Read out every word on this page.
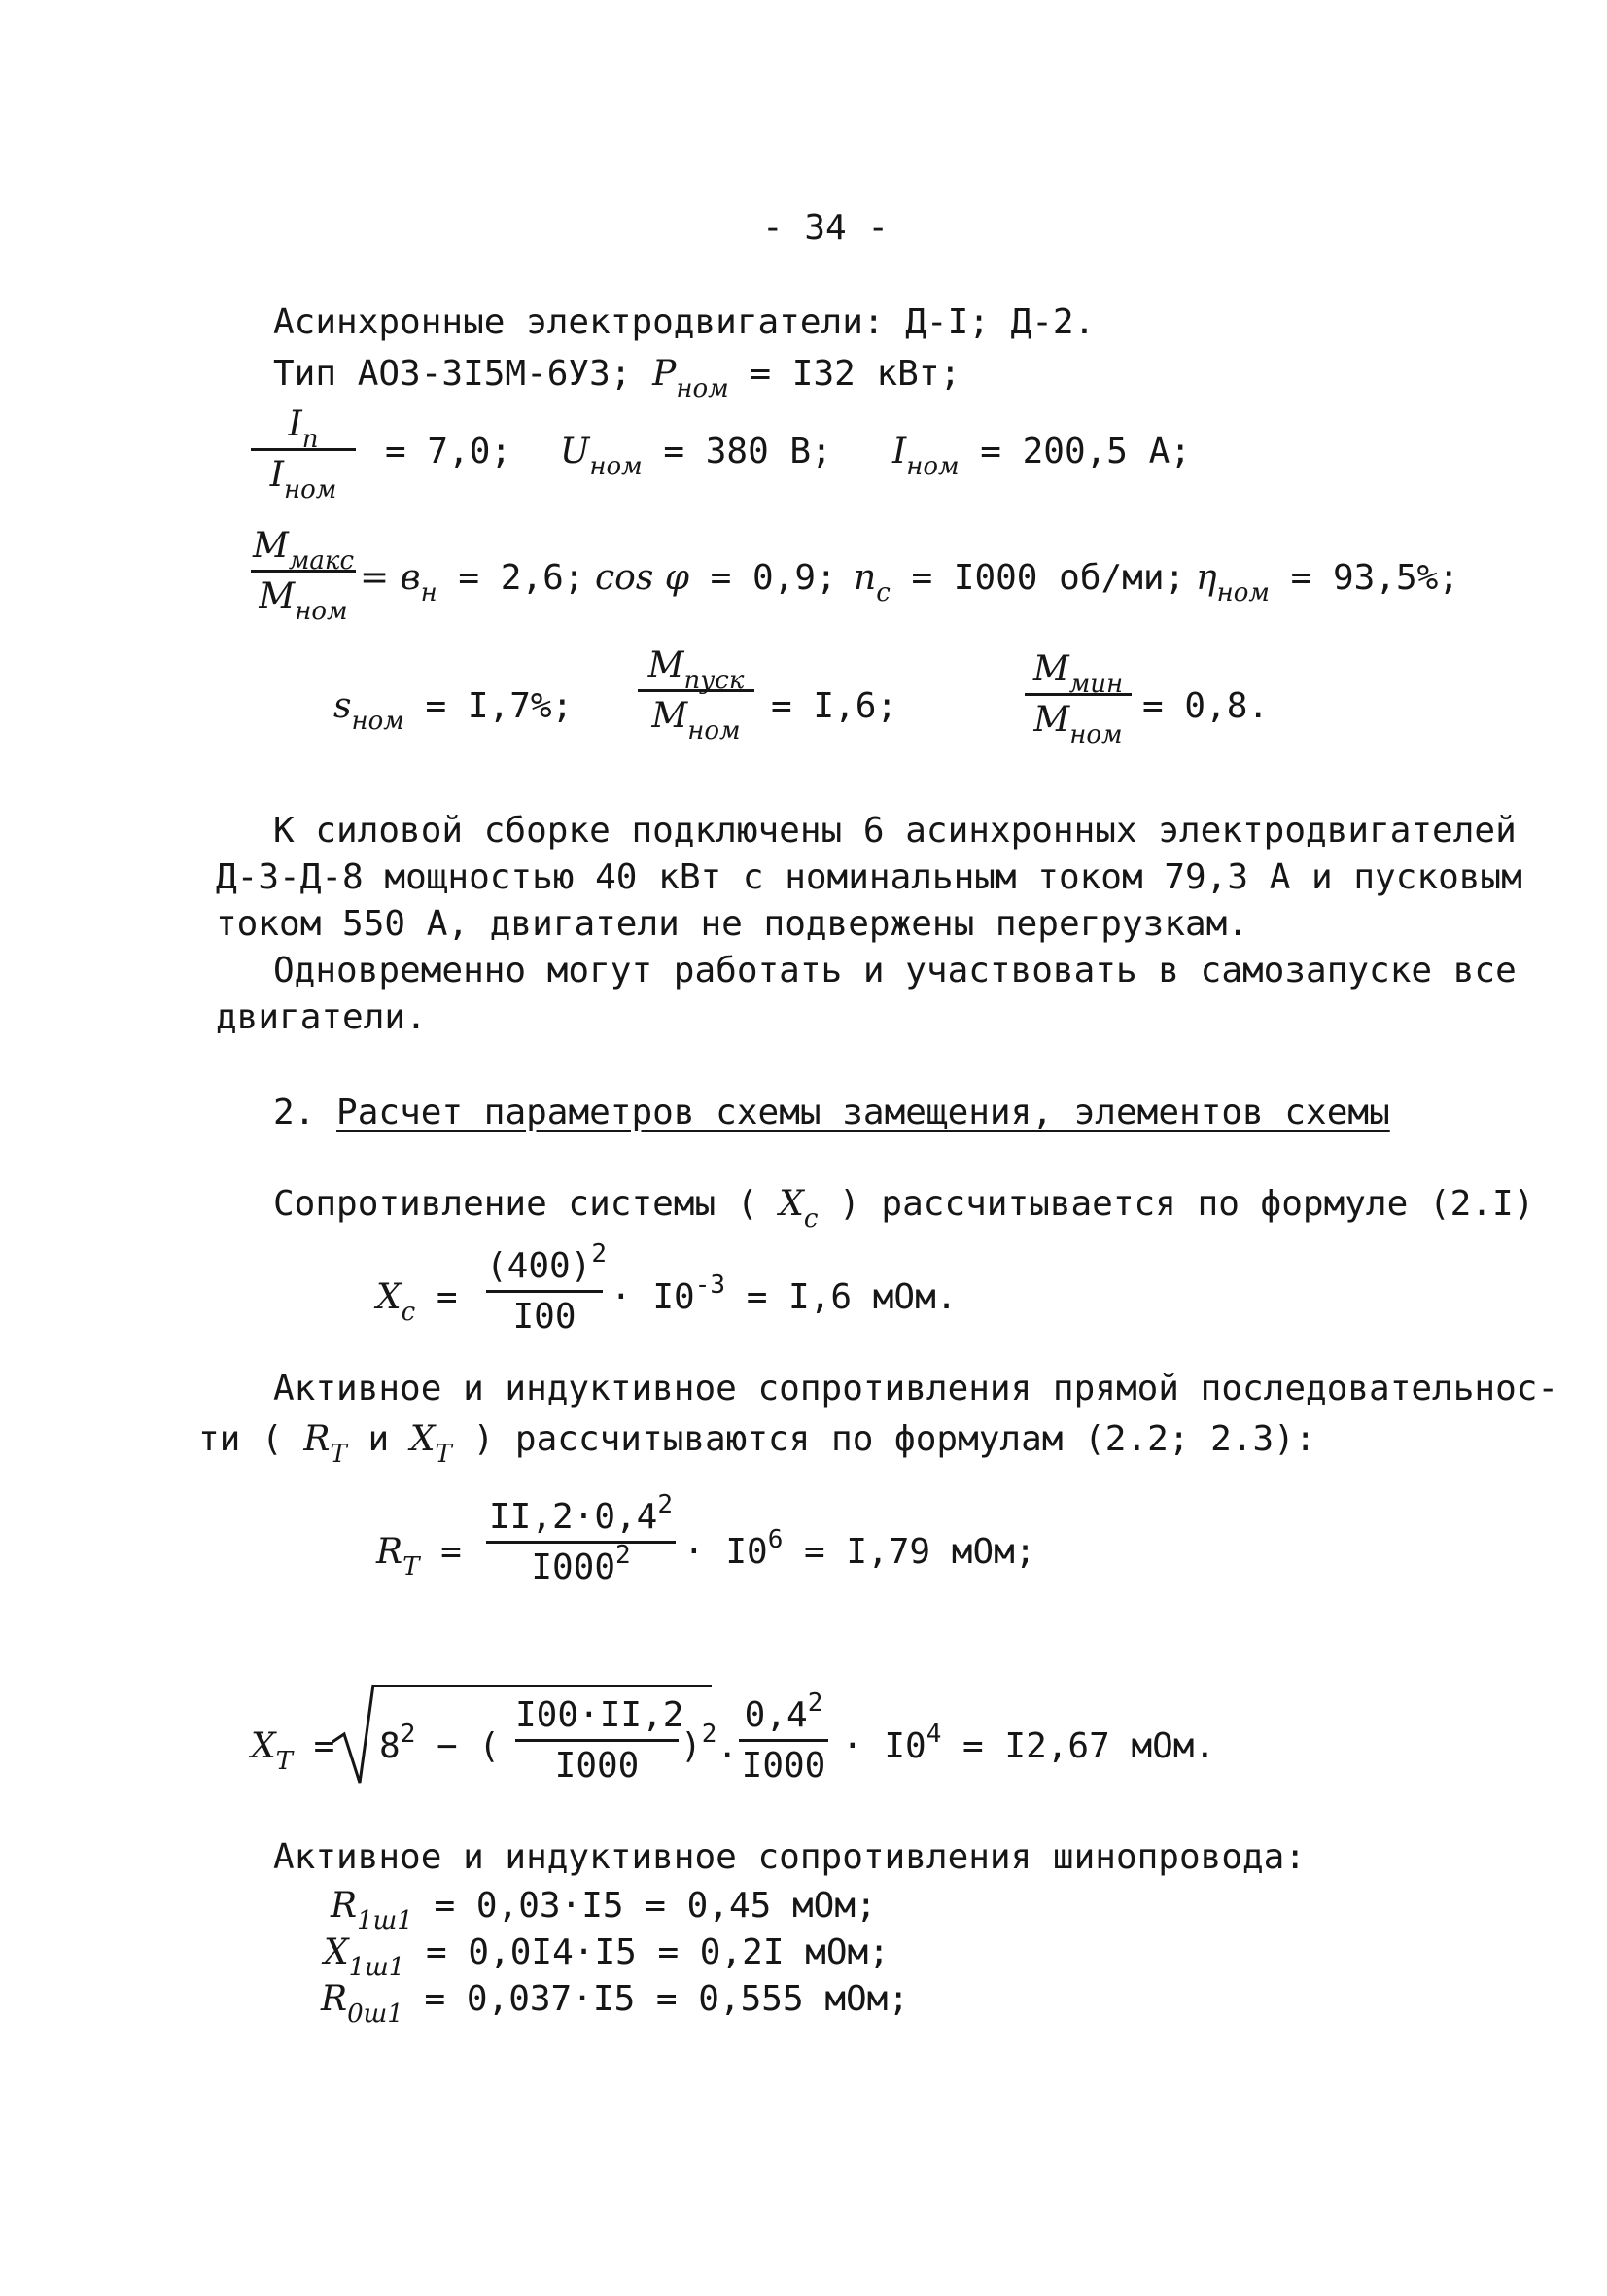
- 34 -
Асинхронные электродвигатели: Д-I; Д-2.
Тип АОЗ-3I5М-6УЗ; $P_{ном} = I32$ кВт;
$I_п$
$I_{ном}$
= 7,0; $U_{ном} = 380$ В; $I_{ном} = 200,5$ А;
$M_{макс}$
$M_{ном}$
= $в_н = 2,6$; cos φ = 0,9; $n_c = I000$ об/ми; $\eta_{ном} = 93,5\%$;
$s_{ном} = I,7\%$;
$M_{пуск}$
$M_{ном}$
= I,6;
$M_{мин}$
$M_{ном}$
= 0,8.
К силовой сборке подключены 6 асинхронных электродвигателей
Д-3-Д-8 мощностью 40 кВт с номинальным током 79,3 А и пусковым
током 550 А, двигатели не подвержены перегрузкам.
Одновременно могут работать и участвовать в самозапуске все
двигатели.
2. Расчет параметров схемы замещения, элементов схемы
Сопротивление системы ( $X_c$ ) рассчитывается по формуле (2.I)
$X_c$ =
$(400)^2$
$I00 \cdot I0^{-3} = I,6$ мОм.
Активное и индуктивное сопротивления прямой последовательнос-
ти ( $R_T$ и $X_T$ ) рассчитываются по формулам (2.2; 2.3):
$R_T$ =
$II,2\cdot 0,4^2$
$I000^2$	· $I0^6 = I,79$ мОм;
$X_T = 8^2$ − (
I00·II,2
I000	)$^2$.
$0,4^2$
$I000 \cdot I0^4 = I2,67$ мОм.
Активное и индуктивное сопротивления шинопровода:
$R_{1ш1} = 0,03\cdot I5 = 0,45$ мОм;
$X_{1ш1} = 0,0I4\cdot I5 = 0,2I$ мОм;
$R_{0ш1} = 0,037\cdot I5 = 0,555$ мОм;
